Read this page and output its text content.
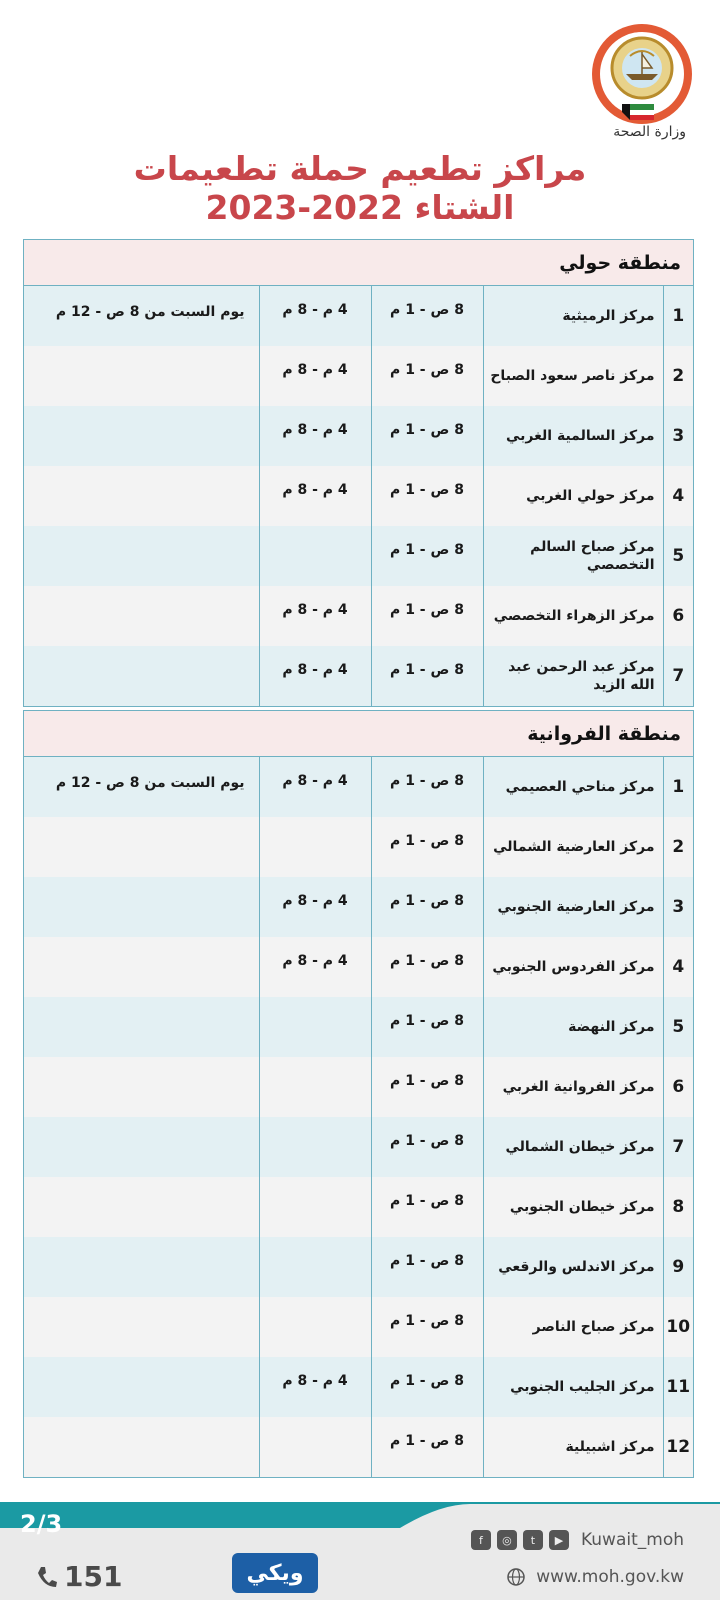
وزارة الصحة
مراكز تطعيم حملة تطعيمات
الشتاء 2022-2023
منطقة حولي
1	مركز الرميثية	8 ص - 1 م	4 م - 8 م	يوم السبت من 8 ص - 12 م
2	مركز ناصر سعود الصباح	8 ص - 1 م	4 م - 8 م	
3	مركز السالمية الغربي	8 ص - 1 م	4 م - 8 م	
4	مركز حولي الغربي	8 ص - 1 م	4 م - 8 م	
5	مركز صباح السالم التخصصي	8 ص - 1 م		
6	مركز الزهراء التخصصي	8 ص - 1 م	4 م - 8 م	
7	مركز عبد الرحمن عبد الله الزيد	8 ص - 1 م	4 م - 8 م	
منطقة الفروانية
1	مركز مناحي العصيمي	8 ص - 1 م	4 م - 8 م	يوم السبت من 8 ص - 12 م
2	مركز العارضية الشمالي	8 ص - 1 م		
3	مركز العارضية الجنوبي	8 ص - 1 م	4 م - 8 م	
4	مركز الفردوس الجنوبي	8 ص - 1 م	4 م - 8 م	
5	مركز النهضة	8 ص - 1 م		
6	مركز الفروانية الغربي	8 ص - 1 م		
7	مركز خيطان الشمالي	8 ص - 1 م		
8	مركز خيطان الجنوبي	8 ص - 1 م		
9	مركز الاندلس والرقعي	8 ص - 1 م		
10	مركز صباح الناصر	8 ص - 1 م		
11	مركز الجليب الجنوبي	8 ص - 1 م	4 م - 8 م	
12	مركز اشبيلية	8 ص - 1 م		
2/3
f	◎	t	▶	Kuwait_moh
www.moh.gov.kw
151	ويكي
